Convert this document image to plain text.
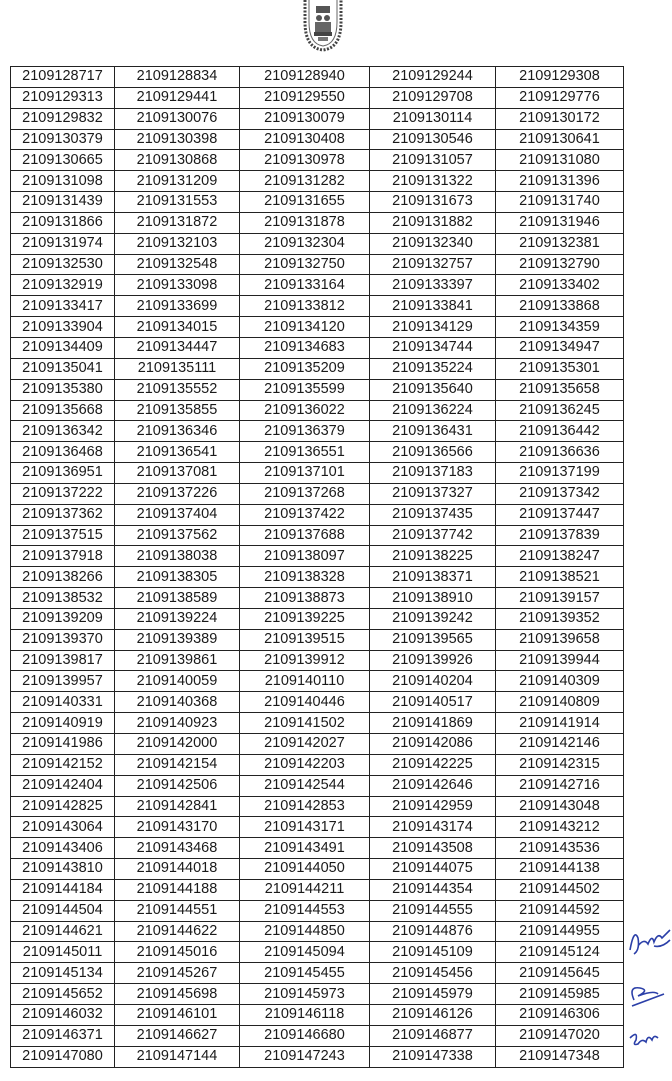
2109128717	2109128834	2109128940	2109129244	2109129308
2109129313	2109129441	2109129550	2109129708	2109129776
2109129832	2109130076	2109130079	2109130114	2109130172
2109130379	2109130398	2109130408	2109130546	2109130641
2109130665	2109130868	2109130978	2109131057	2109131080
2109131098	2109131209	2109131282	2109131322	2109131396
2109131439	2109131553	2109131655	2109131673	2109131740
2109131866	2109131872	2109131878	2109131882	2109131946
2109131974	2109132103	2109132304	2109132340	2109132381
2109132530	2109132548	2109132750	2109132757	2109132790
2109132919	2109133098	2109133164	2109133397	2109133402
2109133417	2109133699	2109133812	2109133841	2109133868
2109133904	2109134015	2109134120	2109134129	2109134359
2109134409	2109134447	2109134683	2109134744	2109134947
2109135041	2109135111	2109135209	2109135224	2109135301
2109135380	2109135552	2109135599	2109135640	2109135658
2109135668	2109135855	2109136022	2109136224	2109136245
2109136342	2109136346	2109136379	2109136431	2109136442
2109136468	2109136541	2109136551	2109136566	2109136636
2109136951	2109137081	2109137101	2109137183	2109137199
2109137222	2109137226	2109137268	2109137327	2109137342
2109137362	2109137404	2109137422	2109137435	2109137447
2109137515	2109137562	2109137688	2109137742	2109137839
2109137918	2109138038	2109138097	2109138225	2109138247
2109138266	2109138305	2109138328	2109138371	2109138521
2109138532	2109138589	2109138873	2109138910	2109139157
2109139209	2109139224	2109139225	2109139242	2109139352
2109139370	2109139389	2109139515	2109139565	2109139658
2109139817	2109139861	2109139912	2109139926	2109139944
2109139957	2109140059	2109140110	2109140204	2109140309
2109140331	2109140368	2109140446	2109140517	2109140809
2109140919	2109140923	2109141502	2109141869	2109141914
2109141986	2109142000	2109142027	2109142086	2109142146
2109142152	2109142154	2109142203	2109142225	2109142315
2109142404	2109142506	2109142544	2109142646	2109142716
2109142825	2109142841	2109142853	2109142959	2109143048
2109143064	2109143170	2109143171	2109143174	2109143212
2109143406	2109143468	2109143491	2109143508	2109143536
2109143810	2109144018	2109144050	2109144075	2109144138
2109144184	2109144188	2109144211	2109144354	2109144502
2109144504	2109144551	2109144553	2109144555	2109144592
2109144621	2109144622	2109144850	2109144876	2109144955
2109145011	2109145016	2109145094	2109145109	2109145124
2109145134	2109145267	2109145455	2109145456	2109145645
2109145652	2109145698	2109145973	2109145979	2109145985
2109146032	2109146101	2109146118	2109146126	2109146306
2109146371	2109146627	2109146680	2109146877	2109147020
2109147080	2109147144	2109147243	2109147338	2109147348
